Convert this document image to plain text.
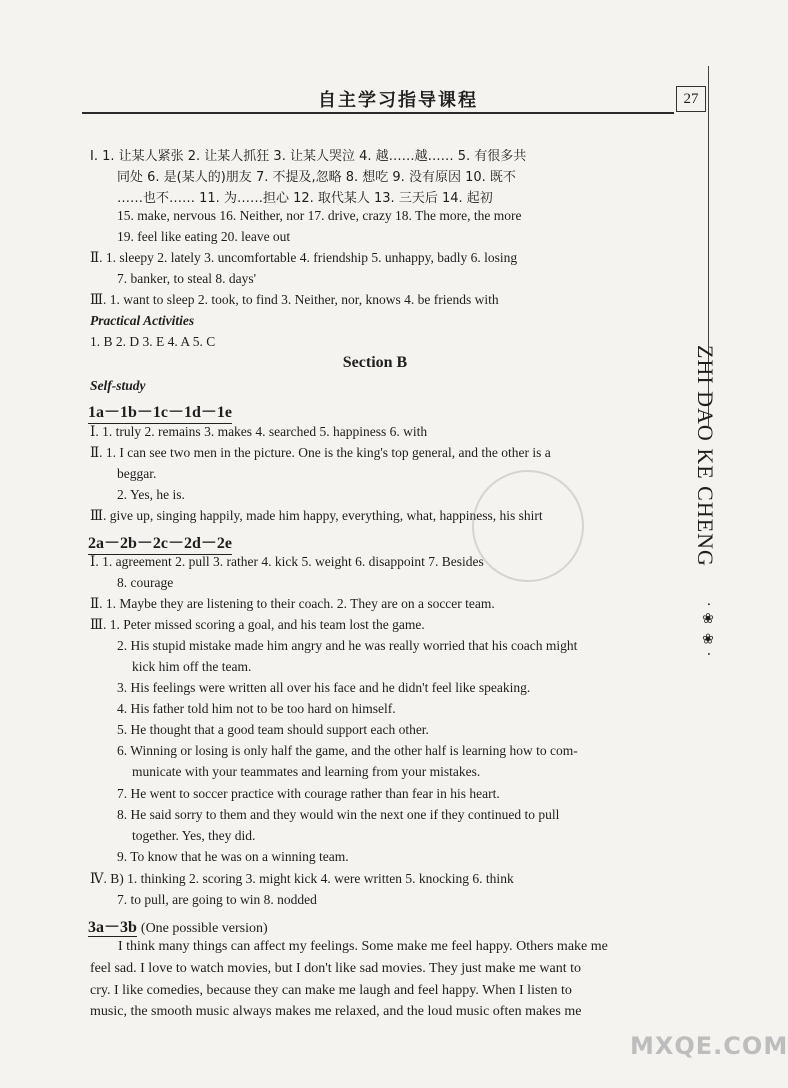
自主学习指导课程	27
ZHI DAO KE CHENG
· ❀ ❀ ·
Ⅰ. 1. 让某人紧张 2. 让某人抓狂 3. 让某人哭泣 4. 越……越…… 5. 有很多共
同处 6. 是(某人的)朋友 7. 不提及,忽略 8. 想吃 9. 没有原因 10. 既不
……也不…… 11. 为……担心 12. 取代某人 13. 三天后 14. 起初
15. make, nervous 16. Neither, nor 17. drive, crazy 18. The more, the more
19. feel like eating 20. leave out
Ⅱ. 1. sleepy 2. lately 3. uncomfortable 4. friendship 5. unhappy, badly 6. losing
7. banker, to steal 8. days'
Ⅲ. 1. want to sleep 2. took, to find 3. Neither, nor, knows 4. be friends with
Practical Activities
1. B 2. D 3. E 4. A 5. C
Section B
Self-study
1a－1b－1c－1d－1e
Ⅰ. 1. truly 2. remains 3. makes 4. searched 5. happiness 6. with
Ⅱ. 1. I can see two men in the picture. One is the king's top general, and the other is a
beggar.
2. Yes, he is.
Ⅲ. give up, singing happily, made him happy, everything, what, happiness, his shirt
2a－2b－2c－2d－2e
Ⅰ. 1. agreement 2. pull 3. rather 4. kick 5. weight 6. disappoint 7. Besides
8. courage
Ⅱ. 1. Maybe they are listening to their coach. 2. They are on a soccer team.
Ⅲ. 1. Peter missed scoring a goal, and his team lost the game.
2. His stupid mistake made him angry and he was really worried that his coach might
kick him off the team.
3. His feelings were written all over his face and he didn't feel like speaking.
4. His father told him not to be too hard on himself.
5. He thought that a good team should support each other.
6. Winning or losing is only half the game, and the other half is learning how to com-
municate with your teammates and learning from your mistakes.
7. He went to soccer practice with courage rather than fear in his heart.
8. He said sorry to them and they would win the next one if they continued to pull
together. Yes, they did.
9. To know that he was on a winning team.
Ⅳ. B) 1. thinking 2. scoring 3. might kick 4. were written 5. knocking 6. think
7. to pull, are going to win 8. nodded
3a－3b (One possible version)
I think many things can affect my feelings. Some make me feel happy. Others make me
feel sad. I love to watch movies, but I don't like sad movies. They just make me want to
cry. I like comedies, because they can make me laugh and feel happy. When I listen to
music, the smooth music always makes me relaxed, and the loud music often makes me
MXQE.COM
